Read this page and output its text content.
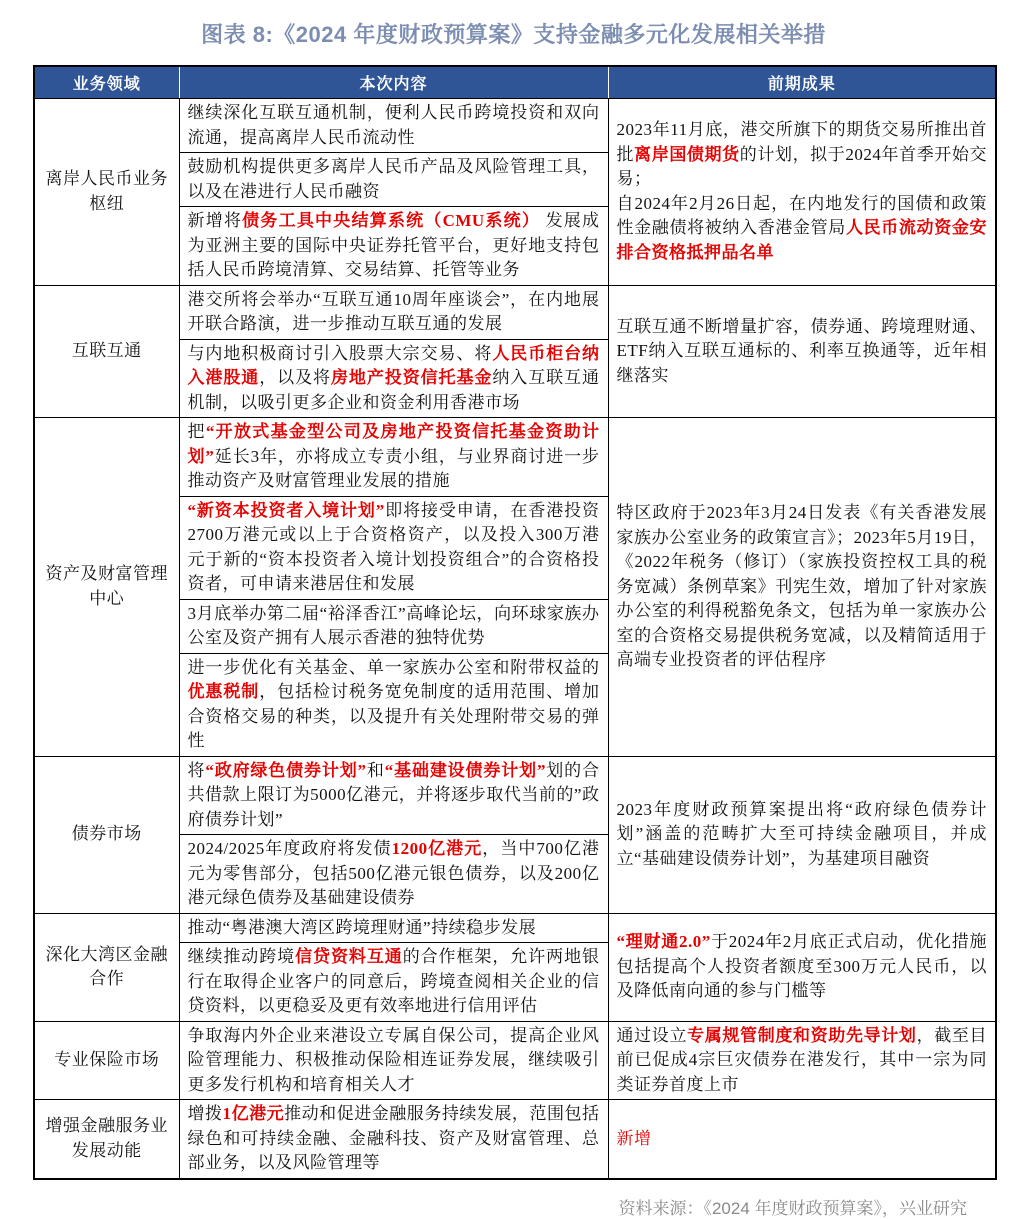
图表 8:《2024 年度财政预算案》支持金融多元化发展相关举措
业务领域	本次内容	前期成果
离岸人民币业务枢纽	继续深化互联互通机制，便利人民币跨境投资和双向流通，提高离岸人民币流动性	2023年11月底，港交所旗下的期货交易所推出首批离岸国债期货的计划，拟于2024年首季开始交易；
自2024年2月26日起，在内地发行的国债和政策性金融债将被纳入香港金管局人民币流动资金安排合资格抵押品名单

	鼓励机构提供更多离岸人民币产品及风险管理工具，以及在港进行人民币融资	
	新增将债务工具中央结算系统（CMU系统） 发展成为亚洲主要的国际中央证券托管平台，更好地支持包括人民币跨境清算、交易结算、托管等业务	
互联互通	港交所将会举办“互联互通10周年座谈会”，在内地展开联合路演，进一步推动互联互通的发展	互联互通不断增量扩容，债券通、跨境理财通、ETF纳入互联互通标的、利率互换通等，近年相继落实

	与内地积极商讨引入股票大宗交易、将人民币柜台纳入港股通，以及将房地产投资信托基金纳入互联互通机制，以吸引更多企业和资金利用香港市场	
资产及财富管理中心	把“开放式基金型公司及房地产投资信托基金资助计划”延长3年，亦将成立专责小组，与业界商讨进一步推动资产及财富管理业发展的措施	特区政府于2023年3月24日发表《有关香港发展家族办公室业务的政策宣言》；2023年5月19日，《2022年税务（修订）（家族投资控权工具的税务宽减）条例草案》刊宪生效，增加了针对家族办公室的利得税豁免条文，包括为单一家族办公室的合资格交易提供税务宽减，以及精简适用于高端专业投资者的评估程序

	“新资本投资者入境计划”即将接受申请，在香港投资2700万港元或以上于合资格资产，以及投入300万港元于新的“资本投资者入境计划投资组合”的合资格投资者，可申请来港居住和发展	
	3月底举办第二届“裕泽香江”高峰论坛，向环球家族办公室及资产拥有人展示香港的独特优势	
	进一步优化有关基金、单一家族办公室和附带权益的优惠税制，包括检讨税务宽免制度的适用范围、增加合资格交易的种类，以及提升有关处理附带交易的弹性	
债券市场	将“政府绿色债券计划”和“基础建设债券计划”划的合共借款上限订为5000亿港元，并将逐步取代当前的”政府债券计划”	2023年度财政预算案提出将“政府绿色债券计划”涵盖的范畴扩大至可持续金融项目，并成立“基础建设债券计划”，为基建项目融资

	2024/2025年度政府将发债1200亿港元，当中700亿港元为零售部分，包括500亿港元银色债券，以及200亿港元绿色债券及基础建设债券	
深化大湾区金融合作	推动“粤港澳大湾区跨境理财通”持续稳步发展	“理财通2.0”于2024年2月底正式启动，优化措施包括提高个人投资者额度至300万元人民币，以及降低南向通的参与门槛等

	继续推动跨境信贷资料互通的合作框架，允许两地银行在取得企业客户的同意后，跨境查阅相关企业的信贷资料，以更稳妥及更有效率地进行信用评估	
专业保险市场	争取海内外企业来港设立专属自保公司，提高企业风险管理能力、积极推动保险相连证券发展，继续吸引更多发行机构和培育相关人才	通过设立专属规管制度和资助先导计划，截至目前已促成4宗巨灾债券在港发行，其中一宗为同类证券首度上市

增强金融服务业发展动能	增拨1亿港元推动和促进金融服务持续发展，范围包括绿色和可持续金融、金融科技、资产及财富管理、总部业务，以及风险管理等	新增
资料来源：《2024 年度财政预算案》，兴业研究
